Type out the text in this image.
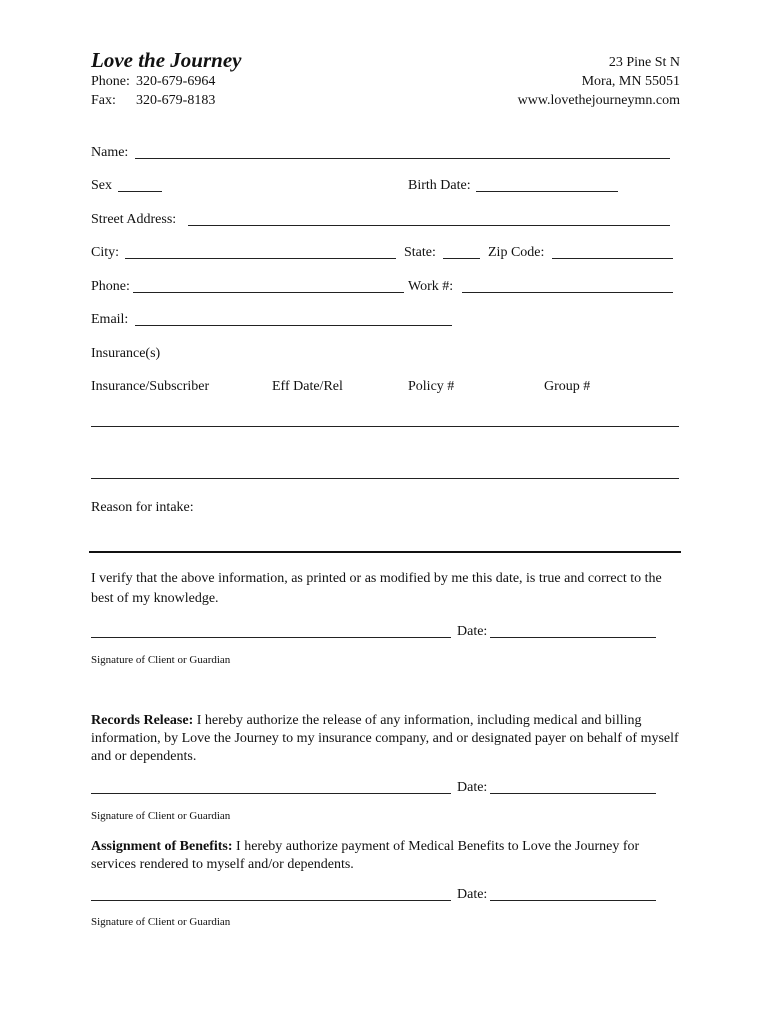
Love the Journey
Phone: 320-679-6964
Fax: 320-679-8183
23 Pine St N
Mora, MN 55051
www.lovethejourneymn.com
Name:
Sex	Birth Date:
Street Address:
City:	State:	Zip Code:
Phone:	Work #:
Email:
Insurance(s)
Insurance/Subscriber	Eff Date/Rel	Policy #	Group #
Reason for intake:
I verify that the above information, as printed or as modified by me this date, is true and correct to the best of my knowledge.
Date:
Signature of Client or Guardian
Records Release: I hereby authorize the release of any information, including medical and billing information, by Love the Journey to my insurance company, and or designated payer on behalf of myself and or dependents.
Date:
Signature of Client or Guardian
Assignment of Benefits: I hereby authorize payment of Medical Benefits to Love the Journey for services rendered to myself and/or dependents.
Date:
Signature of Client or Guardian
